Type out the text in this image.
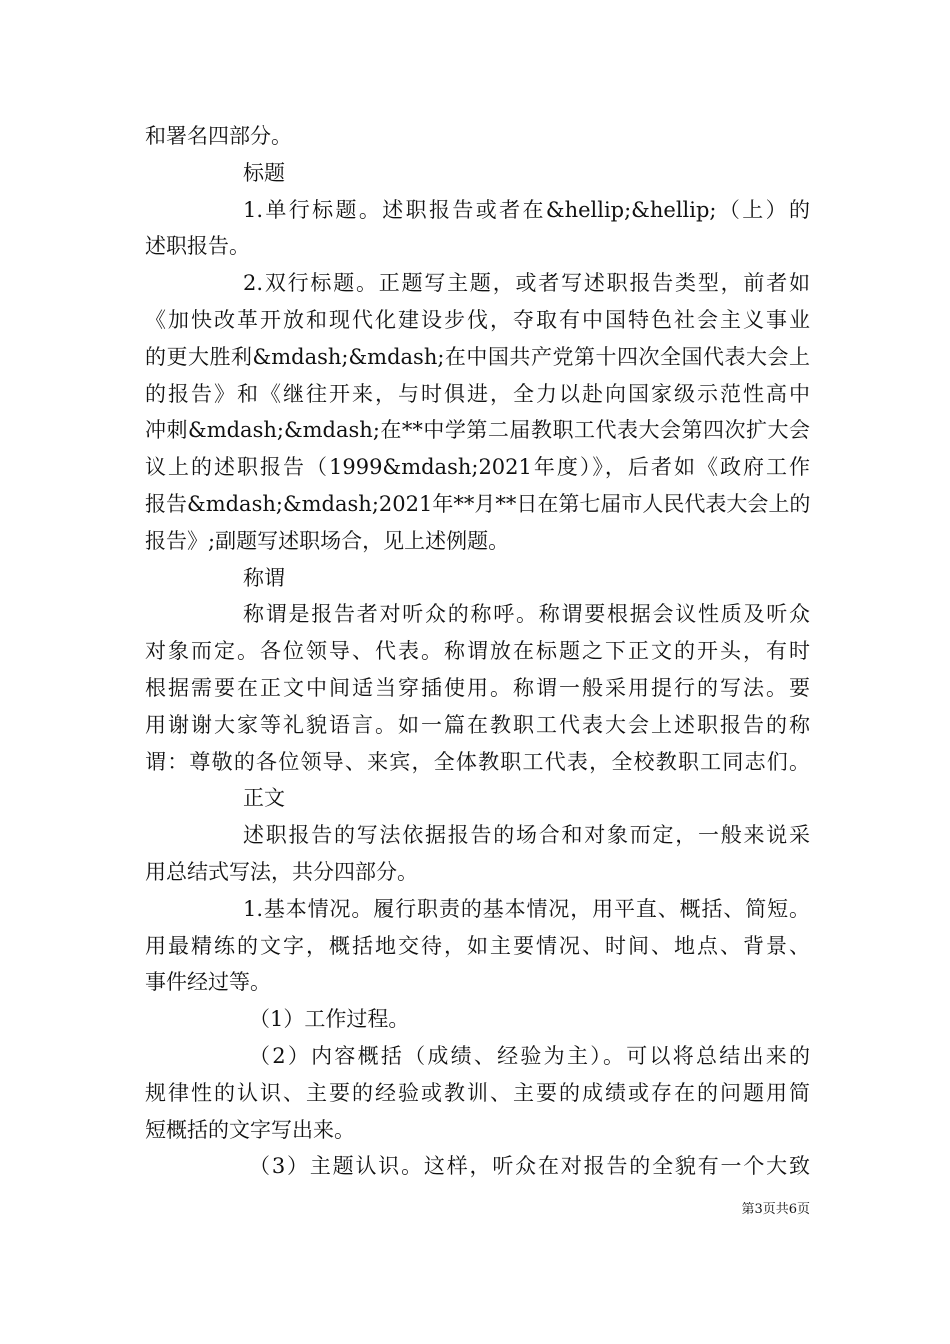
和署名四部分。
标题
1.单行标题。述职报告或者在&hellip;&hellip;（上）的
述职报告。
2.双行标题。正题写主题，或者写述职报告类型，前者如
《加快改革开放和现代化建设步伐，夺取有中国特色社会主义事业
的更大胜利&mdash;&mdash;在中国共产党第十四次全国代表大会上
的报告》和《继往开来，与时俱进，全力以赴向国家级示范性高中
冲刺&mdash;&mdash;在**中学第二届教职工代表大会第四次扩大会
议上的述职报告（1999&mdash;2021年度）》，后者如《政府工作
报告&mdash;&mdash;2021年**月**日在第七届市人民代表大会上的
报告》;副题写述职场合，见上述例题。
称谓
称谓是报告者对听众的称呼。称谓要根据会议性质及听众
对象而定。各位领导、代表。称谓放在标题之下正文的开头，有时
根据需要在正文中间适当穿插使用。称谓一般采用提行的写法。要
用谢谢大家等礼貌语言。如一篇在教职工代表大会上述职报告的称
谓：尊敬的各位领导、来宾，全体教职工代表，全校教职工同志们。
正文
述职报告的写法依据报告的场合和对象而定，一般来说采
用总结式写法，共分四部分。
1.基本情况。履行职责的基本情况，用平直、概括、简短。
用最精练的文字，概括地交待，如主要情况、时间、地点、背景、
事件经过等。
（1）工作过程。
（2）内容概括（成绩、经验为主）。可以将总结出来的
规律性的认识、主要的经验或教训、主要的成绩或存在的问题用简
短概括的文字写出来。
（3）主题认识。这样，听众在对报告的全貌有一个大致
第3页共6页
